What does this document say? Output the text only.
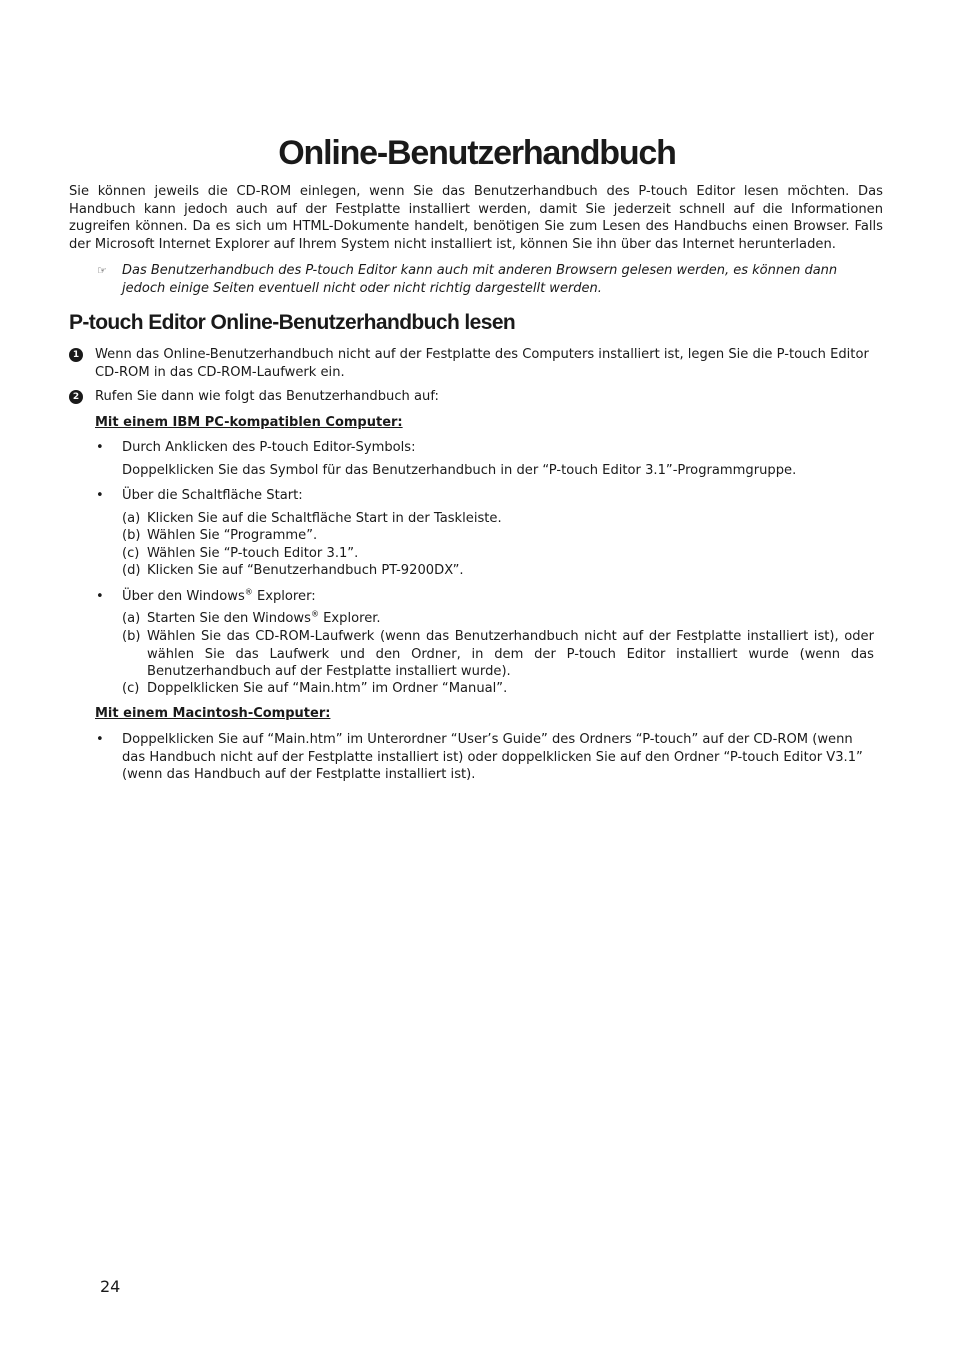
Online-Benutzerhandbuch

Sie können jeweils die CD-ROM einlegen, wenn Sie das Benutzerhandbuch des P-touch Editor lesen möchten. Das Handbuch kann jedoch auch auf der Festplatte installiert werden, damit Sie jederzeit schnell auf die Informationen zugreifen können. Da es sich um HTML-Dokumente handelt, benötigen Sie zum Lesen des Handbuchs einen Browser. Falls der Microsoft Internet Explorer auf Ihrem System nicht installiert ist, können Sie ihn über das Internet herunterladen.

☞ Das Benutzerhandbuch des P-touch Editor kann auch mit anderen Browsern gelesen werden, es können dann jedoch einige Seiten eventuell nicht oder nicht richtig dargestellt werden.

P-touch Editor Online-Benutzerhandbuch lesen
1 Wenn das Online-Benutzerhandbuch nicht auf der Festplatte des Computers installiert ist, legen Sie die P-touch Editor CD-ROM in das CD-ROM-Laufwerk ein.

2 Rufen Sie dann wie folgt das Benutzerhandbuch auf:

Mit einem IBM PC-kompatiblen Computer:

• Durch Anklicken des P-touch Editor-Symbols:

Doppelklicken Sie das Symbol für das Benutzerhandbuch in der “P-touch Editor 3.1”-Programmgruppe.

• Über die Schaltfläche Start:

(a) Klicken Sie auf die Schaltfläche Start in der Taskleiste.

(b) Wählen Sie “Programme”.

(c) Wählen Sie “P-touch Editor 3.1”.

(d) Klicken Sie auf “Benutzerhandbuch PT-9200DX”.

• Über den Windows® Explorer:

(a) Starten Sie den Windows® Explorer.

(b) Wählen Sie das CD-ROM-Laufwerk (wenn das Benutzerhandbuch nicht auf der Festplatte installiert ist), oder wählen Sie das Laufwerk und den Ordner, in dem der P-touch Editor installiert wurde (wenn das Benutzerhandbuch auf der Festplatte installiert wurde).

(c) Doppelklicken Sie auf “Main.htm” im Ordner “Manual”.

Mit einem Macintosh-Computer:

• Doppelklicken Sie auf “Main.htm” im Unterordner “User’s Guide” des Ordners “P-touch” auf der CD-ROM (wenn das Handbuch nicht auf der Festplatte installiert ist) oder doppelklicken Sie auf den Ordner “P-touch Editor V3.1” (wenn das Handbuch auf der Festplatte installiert ist).

24
